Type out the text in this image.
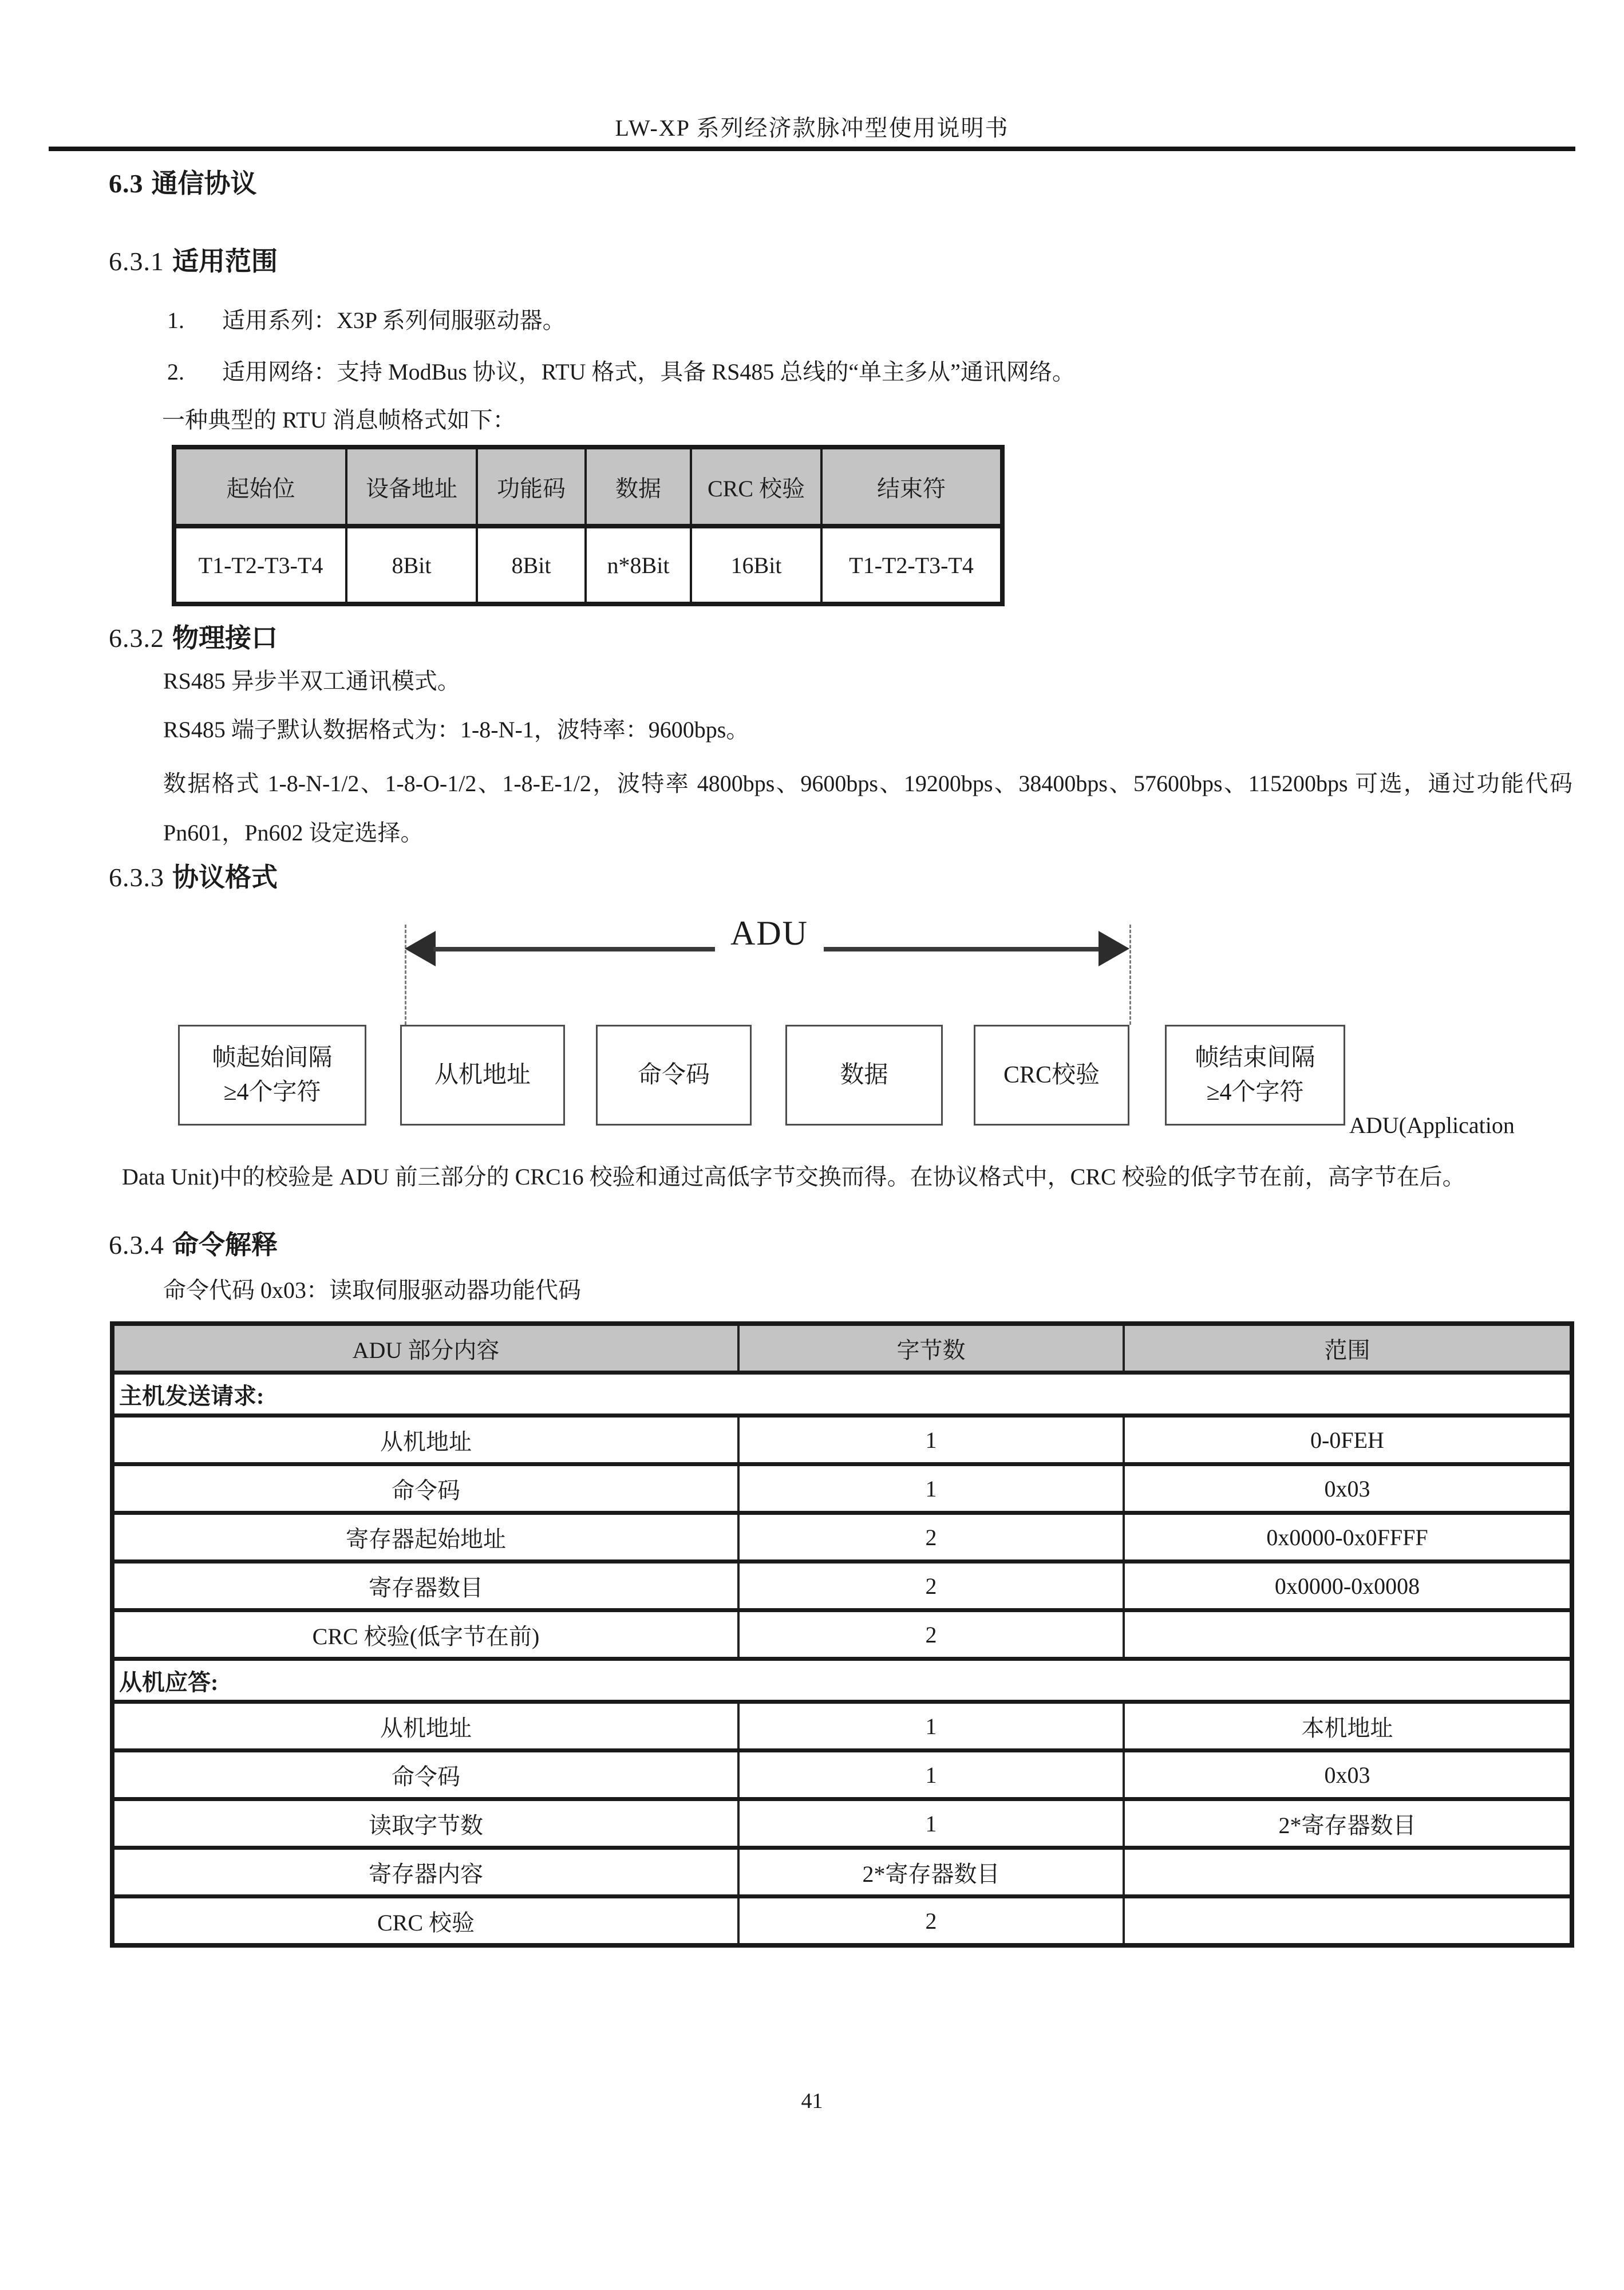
LW-XP 系列经济款脉冲型使用说明书
6.3 通信协议
6.3.1 适用范围
1. 适用系列：X3P 系列伺服驱动器。
2. 适用网络：支持 ModBus 协议，RTU 格式，具备 RS485 总线的“单主多从”通讯网络。
一种典型的 RTU 消息帧格式如下：
起始位	设备地址	功能码	数据	CRC 校验	结束符
T1-T2-T3-T4	8Bit	8Bit	n*8Bit	16Bit	T1-T2-T3-T4
6.3.2 物理接口
RS485 异步半双工通讯模式。
RS485 端子默认数据格式为：1-8-N-1，波特率：9600bps。
数据格式 1-8-N-1/2、1-8-O-1/2、1-8-E-1/2，波特率 4800bps、9600bps、19200bps、38400bps、57600bps、115200bps 可选，通过功能代码 Pn601，Pn602 设定选择。
6.3.3 协议格式
ADU
帧起始间隔
≥4个字符
从机地址	命令码	数据	CRC校验
帧结束间隔
≥4个字符
ADU(Application
Data Unit)中的校验是 ADU 前三部分的 CRC16 校验和通过高低字节交换而得。在协议格式中，CRC 校验的低字节在前，高字节在后。
6.3.4 命令解释
命令代码 0x03：读取伺服驱动器功能代码
ADU 部分内容	字节数	范围
主机发送请求:		
从机地址	1	0-0FEH
命令码	1	0x03
寄存器起始地址	2	0x0000-0x0FFFF
寄存器数目	2	0x0000-0x0008
CRC 校验(低字节在前)	2	
从机应答:		
从机地址	1	本机地址
命令码	1	0x03
读取字节数	1	2*寄存器数目
寄存器内容	2*寄存器数目	
CRC 校验	2	
41
